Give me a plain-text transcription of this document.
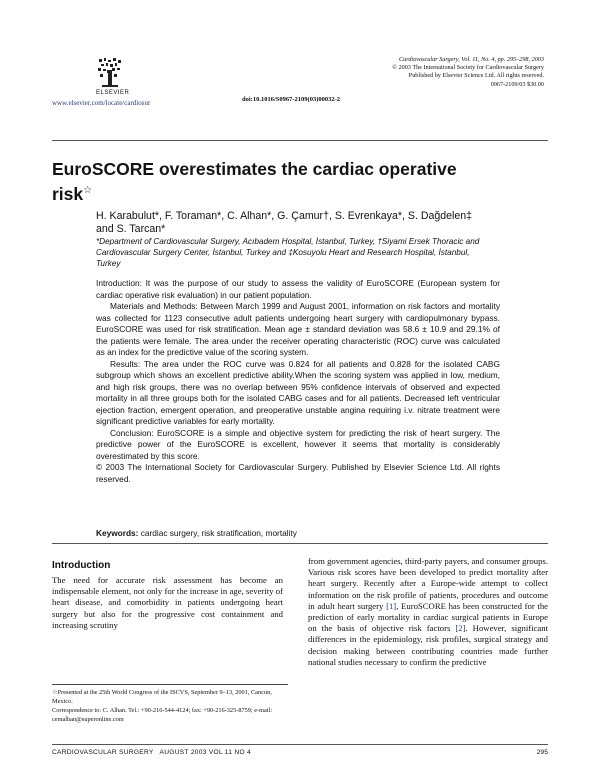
ELSEVIER
www.elsevier.com/locate/cardiosur	doi:10.1016/S0967-2109(03)00032-2
Cardiovascular Surgery, Vol. 11, No. 4, pp. 295–298, 2003
© 2003 The International Society for Cardiovascular Surgery
Published by Elsevier Science Ltd. All rights reserved.
0967-2109/03 $30.00
EuroSCORE overestimates the cardiac operative risk☆
H. Karabulut*, F. Toraman*, C. Alhan*, G. Çamur†, S. Evrenkaya*, S. Dağdelen‡
and S. Tarcan*
*Department of Cardiovascular Surgery, Acıbadem Hospital, İstanbul, Turkey, †Siyami Ersek Thoracic and Cardiovascular Surgery Center, İstanbul, Turkey and ‡Kosuyolu Heart and Research Hospital, İstanbul, Turkey

Introduction: It was the purpose of our study to assess the validity of EuroSCORE (European system for cardiac operative risk evaluation) in our patient population.

Materials and Methods: Between March 1999 and August 2001, information on risk factors and mortality was collected for 1123 consecutive adult patients undergoing heart surgery with cardiopulmonary bypass. EuroSCORE was used for risk stratification. Mean age ± standard deviation was 58.6 ± 10.9 and 29.1% of the patients were female. The area under the receiver operating characteristic (ROC) curve was calculated as an index for the predictive value of the scoring system.

Results: The area under the ROC curve was 0.824 for all patients and 0.828 for the isolated CABG subgroup which shows an excellent predictive ability.When the scoring system was applied in low, medium, and high risk groups, there was no overlap between 95% confidence intervals of observed and expected mortality in all three groups both for the isolated CABG cases and for all patients. Decreased left ventricular ejection fraction, emergent operation, and preoperative unstable angina requiring i.v. nitrate treatment were significant predictive variables for early mortality.

Conclusion: EuroSCORE is a simple and objective system for predicting the risk of heart surgery. The predictive power of the EuroSCORE is excellent, however it seems that mortality is considerably overestimated by this score.

© 2003 The International Society for Cardiovascular Surgery. Published by Elsevier Science Ltd. All rights reserved.

Keywords: cardiac surgery, risk stratification, mortality
Introduction
The need for accurate risk assessment has become an indispensable element, not only for the increase in age, severity of heart disease, and comorbidity in patients undergoing heart surgery but also for the progressive cost containment and increasing scrutiny
from government agencies, third-party payers, and consumer groups. Various risk scores have been developed to predict mortality after heart surgery. Recently after a Europe-wide attempt to collect information on the risk profile of patients, procedures and outcome in adult heart surgery [1], EuroSCORE has been constructed for the prediction of early mortality in cardiac surgical patients in Europe on the basis of objective risk factors [2]. However, significant differences in the epidemiology, risk profiles, surgical strategy and decision making between contributing countries made further national studies necessary to confirm the predictive
☆Presented at the 25th World Congress of the ISCVS, September 9–13, 2001, Cancun, Mexico.
Correspondence to: C. Alhan. Tel.: +90-216-544-4124; fax: +90-216-325-8759; e-mail: cemalhan@superonline.com
CARDIOVASCULAR SURGERY   AUGUST 2003 VOL 11 NO 4	295
